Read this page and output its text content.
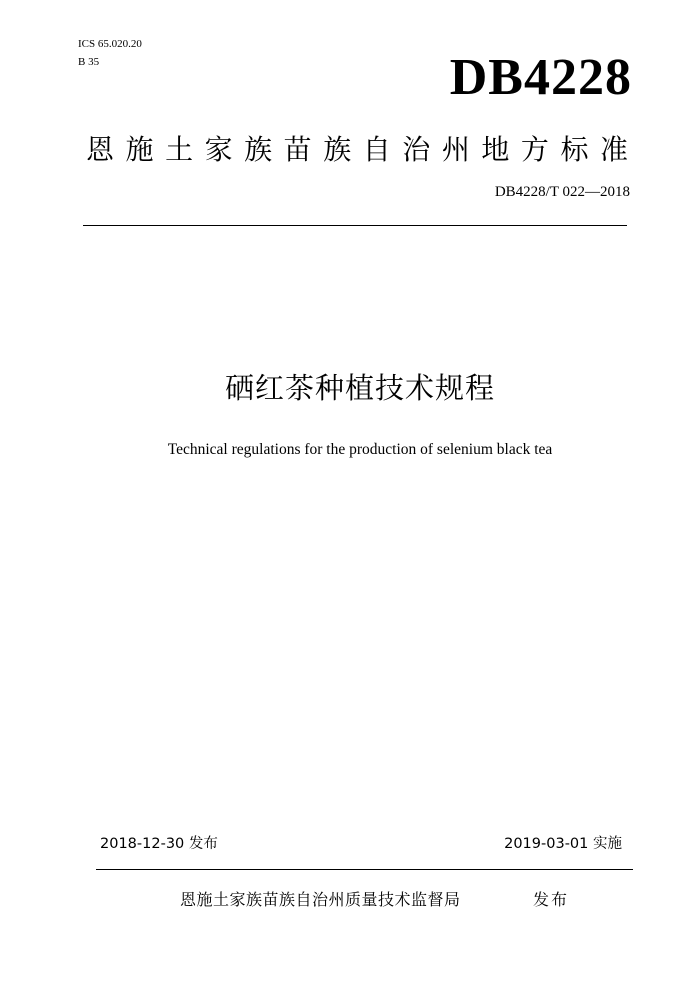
ICS 65.020.20
B 35	DB4228
恩施土家族苗族自治州地方标准
DB4228/T 022—2018
硒红茶种植技术规程
Technical regulations for the production of selenium black tea
2018-12-30 发布	2019-03-01 实施
恩施土家族苗族自治州质量技术监督局	发布
